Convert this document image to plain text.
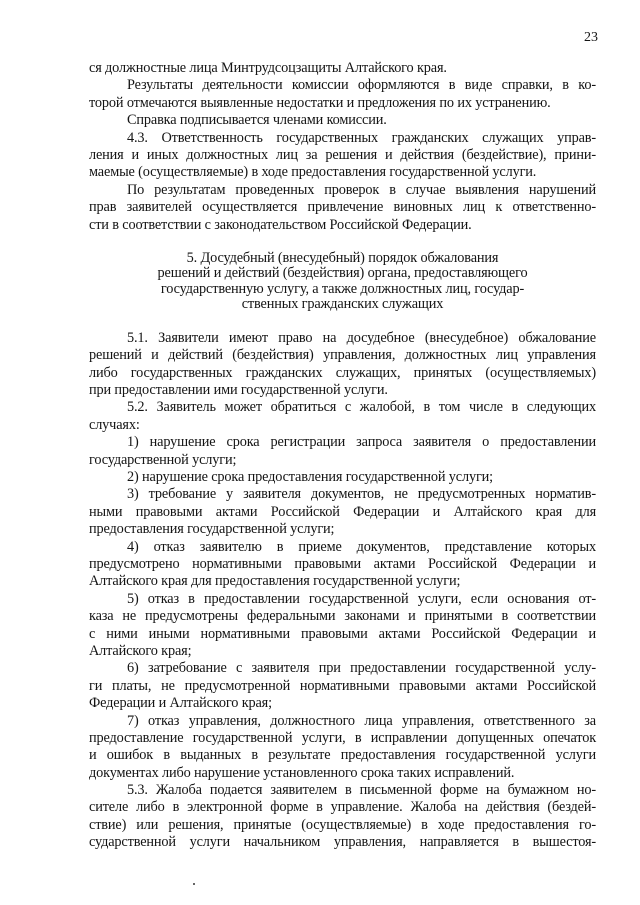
23
ся должностные лица Минтрудсоцзащиты Алтайского края.
Результаты деятельности комиссии оформляются в виде справки, в ко-
торой отмечаются выявленные недостатки и предложения по их устранению.
Справка подписывается членами комиссии.
4.3. Ответственность государственных гражданских служащих управ-
ления и иных должностных лиц за решения и действия (бездействие), прини-
маемые (осуществляемые) в ходе предоставления государственной услуги.
По результатам проведенных проверок в случае выявления нарушений
прав заявителей осуществляется привлечение виновных лиц к ответственно-
сти в соответствии с законодательством Российской Федерации.
5. Досудебный (внесудебный) порядок обжалования
решений и действий (бездействия) органа, предоставляющего
государственную услугу, а также должностных лиц, государ-
ственных гражданских служащих
5.1. Заявители имеют право на досудебное (внесудебное) обжалование
решений и действий (бездействия) управления, должностных лиц управления
либо государственных гражданских служащих, принятых (осуществляемых)
при предоставлении ими государственной услуги.
5.2. Заявитель может обратиться с жалобой, в том числе в следующих
случаях:
1) нарушение срока регистрации запроса заявителя о предоставлении
государственной услуги;
2) нарушение срока предоставления государственной услуги;
3) требование у заявителя документов, не предусмотренных норматив-
ными правовыми актами Российской Федерации и Алтайского края для
предоставления государственной услуги;
4) отказ заявителю в приеме документов, представление которых
предусмотрено нормативными правовыми актами Российской Федерации и
Алтайского края для предоставления государственной услуги;
5) отказ в предоставлении государственной услуги, если основания от-
каза не предусмотрены федеральными законами и принятыми в соответствии
с ними иными нормативными правовыми актами Российской Федерации и
Алтайского края;
6) затребование с заявителя при предоставлении государственной услу-
ги платы, не предусмотренной нормативными правовыми актами Российской
Федерации и Алтайского края;
7) отказ управления, должностного лица управления, ответственного за
предоставление государственной услуги, в исправлении допущенных опечаток
и ошибок в выданных в результате предоставления государственной услуги
документах либо нарушение установленного срока таких исправлений.
5.3. Жалоба подается заявителем в письменной форме на бумажном но-
сителе либо в электронной форме в управление. Жалоба на действия (бездей-
ствие) или решения, принятые (осуществляемые) в ходе предоставления го-
сударственной услуги начальником управления, направляется в вышестоя-
